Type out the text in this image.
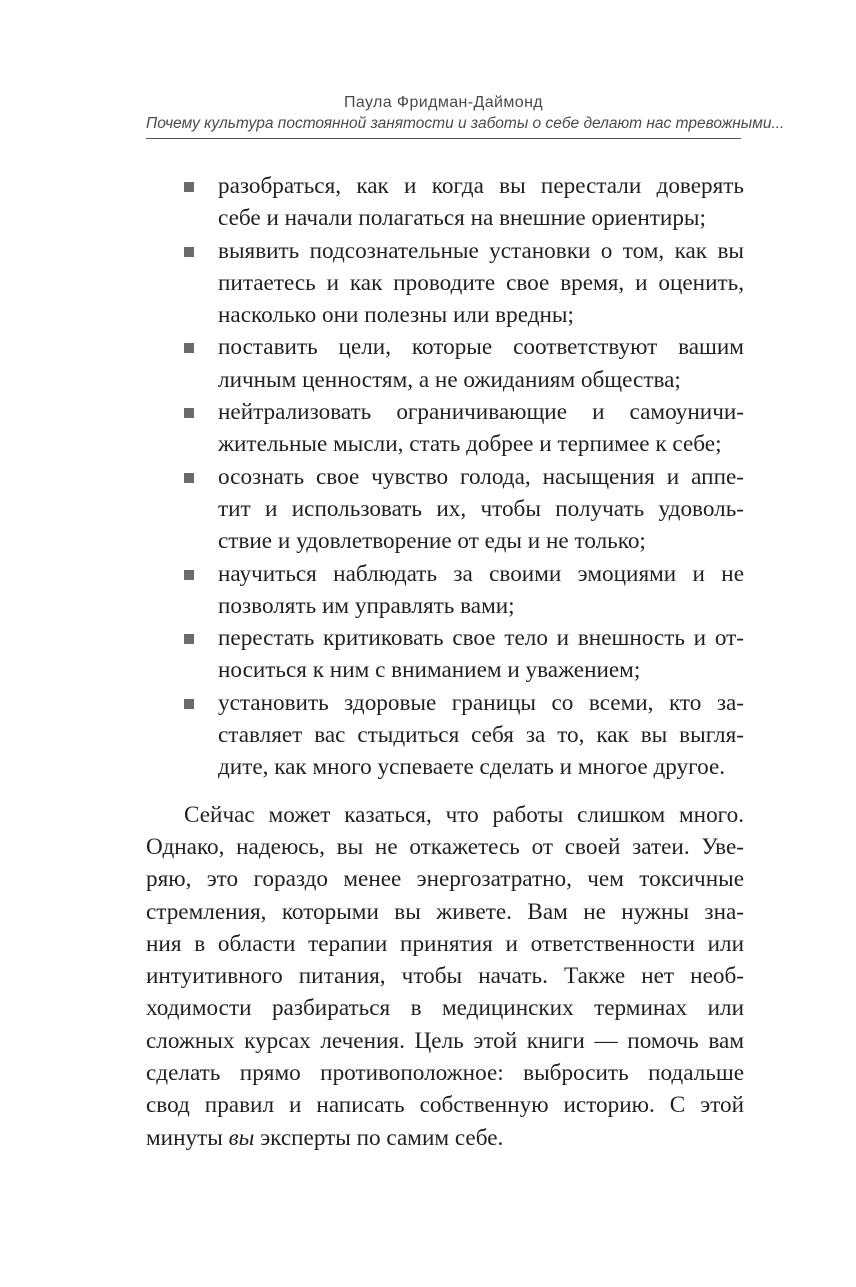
Паула Фридман-Даймонд
Почему культура постоянной занятости и заботы о себе делают нас тревожными...
разобраться, как и когда вы перестали доверять
себе и начали полагаться на внешние ориентиры;
выявить подсознательные установки о том, как вы
питаетесь и как проводите свое время, и оценить,
насколько они полезны или вредны;
поставить цели, которые соответствуют вашим
личным ценностям, а не ожиданиям общества;
нейтрализовать ограничивающие и самоуничи-
жительные мысли, стать добрее и терпимее к себе;
осознать свое чувство голода, насыщения и аппе-
тит и использовать их, чтобы получать удоволь-
ствие и удовлетворение от еды и не только;
научиться наблюдать за своими эмоциями и не
позволять им управлять вами;
перестать критиковать свое тело и внешность и от-
носиться к ним с вниманием и уважением;
установить здоровые границы со всеми, кто за-
ставляет вас стыдиться себя за то, как вы выгля-
дите, как много успеваете сделать и многое другое.
Сейчас может казаться, что работы слишком много.
Однако, надеюсь, вы не откажетесь от своей затеи. Уве-
ряю, это гораздо менее энергозатратно, чем токсичные
стремления, которыми вы живете. Вам не нужны зна-
ния в области терапии принятия и ответственности или
интуитивного питания, чтобы начать. Также нет необ-
ходимости разбираться в медицинских терминах или
сложных курсах лечения. Цель этой книги — помочь вам
сделать прямо противоположное: выбросить подальше
свод правил и написать собственную историю. С этой
минуты вы эксперты по самим себе.
